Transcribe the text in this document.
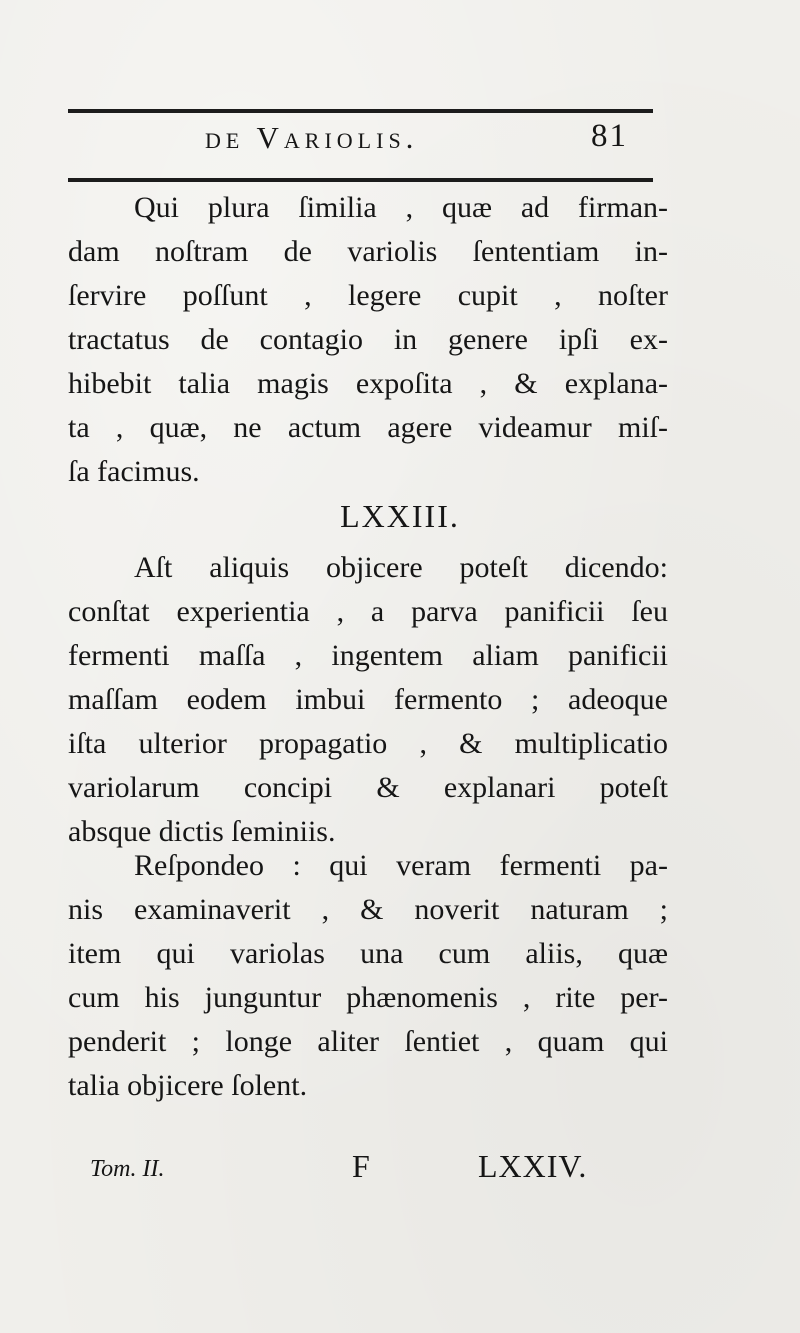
de Variolis.	81
Qui plura ſimilia , quæ ad firman-
dam noſtram de variolis ſententiam in-
ſervire poſſunt , legere cupit , noſter
tractatus de contagio in genere ipſi ex-
hibebit talia magis expoſita , & explana-
ta , quæ, ne actum agere videamur miſ-
ſa facimus.
LXXIII.
Aſt aliquis objicere poteſt dicendo:
conſtat experientia , a parva panificii ſeu
fermenti maſſa , ingentem aliam panificii
maſſam eodem imbui fermento ; adeoque
iſta ulterior propagatio , & multiplicatio
variolarum concipi & explanari poteſt
absque dictis ſeminiis.
Reſpondeo : qui veram fermenti pa-
nis examinaverit , & noverit naturam ;
item qui variolas una cum aliis, quæ
cum his junguntur phænomenis , rite per-
penderit ; longe aliter ſentiet , quam qui
talia objicere ſolent.
Tom. II.	F	LXXIV.
